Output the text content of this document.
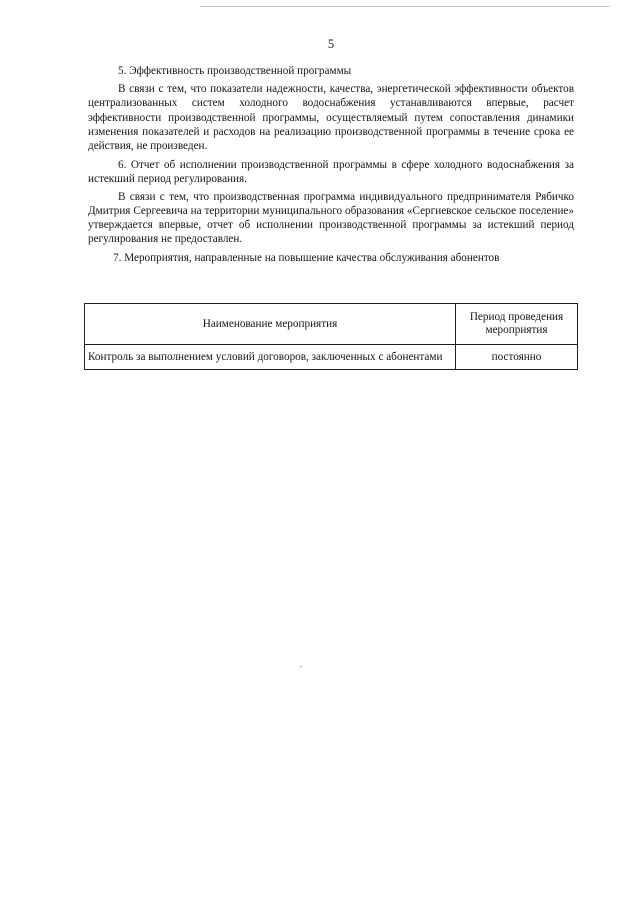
5

5. Эффективность производственной программы

В связи с тем, что показатели надежности, качества, энергетической эффективности объектов централизованных систем холодного водоснабжения устанавливаются впервые, расчет эффективности производственной программы, осуществляемый путем сопоставления динамики изменения показателей и расходов на реализацию производственной программы в течение срока ее действия, не произведен.

6. Отчет об исполнении производственной программы в сфере холодного водоснабжения за истекший период регулирования.

В связи с тем, что производственная программа индивидуального предпринимателя Рябичко Дмитрия Сергеевича на территории муниципального образования «Сергиевское сельское поселение» утверждается впервые, отчет об исполнении производственной программы за истекший период регулирования не предоставлен.

7. Мероприятия, направленные на повышение качества обслуживания абонентов

Наименование мероприятия	Период проведения мероприятия
Контроль за выполнением условий договоров, заключенных с абонентами	постоянно
